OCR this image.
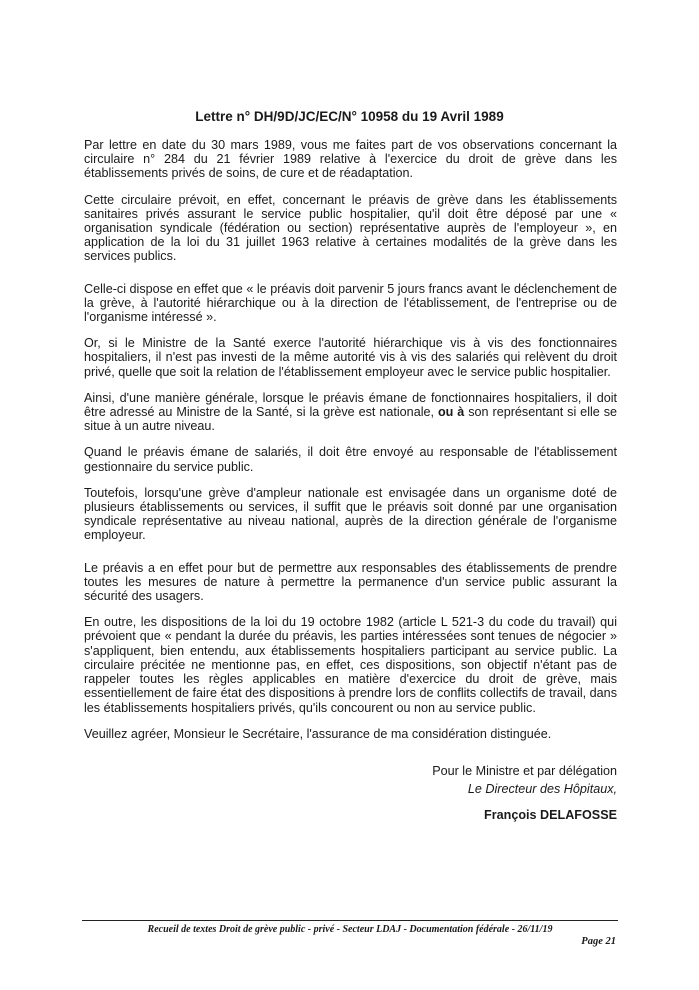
Lettre n° DH/9D/JC/EC/N° 10958 du 19 Avril 1989

Par lettre en date du 30 mars 1989, vous me faites part de vos observations concernant la circulaire n° 284 du 21 février 1989 relative à l'exercice du droit de grève dans les établissements privés de soins, de cure et de réadaptation.

Cette circulaire prévoit, en effet, concernant le préavis de grève dans les établissements sanitaires privés assurant le service public hospitalier, qu'il doit être déposé par une « organisation syndicale (fédération ou section) représentative auprès de l'employeur », en application de la loi du 31 juillet 1963 relative à certaines modalités de la grève dans les services publics.

Celle-ci dispose en effet que « le préavis doit parvenir 5 jours francs avant le déclenchement de la grève, à l'autorité hiérarchique ou à la direction de l'établissement, de l'entreprise ou de l'organisme intéressé ».

Or, si le Ministre de la Santé exerce l'autorité hiérarchique vis à vis des fonctionnaires hospitaliers, il n'est pas investi de la même autorité vis à vis des salariés qui relèvent du droit privé, quelle que soit la relation de l'établissement employeur avec le service public hospitalier.

Ainsi, d'une manière générale, lorsque le préavis émane de fonctionnaires hospitaliers, il doit être adressé au Ministre de la Santé, si la grève est nationale, ou à son représentant si elle se situe à un autre niveau.

Quand le préavis émane de salariés, il doit être envoyé au responsable de l'établissement gestionnaire du service public.

Toutefois, lorsqu'une grève d'ampleur nationale est envisagée dans un organisme doté de plusieurs établissements ou services, il suffit que le préavis soit donné par une organisation syndicale représentative au niveau national, auprès de la direction générale de l'organisme employeur.

Le préavis a en effet pour but de permettre aux responsables des établissements de prendre toutes les mesures de nature à permettre la permanence d'un service public assurant la sécurité des usagers.

En outre, les dispositions de la loi du 19 octobre 1982 (article L 521-3 du code du travail) qui prévoient que « pendant la durée du préavis, les parties intéressées sont tenues de négocier » s'appliquent, bien entendu, aux établissements hospitaliers participant au service public. La circulaire précitée ne mentionne pas, en effet, ces dispositions, son objectif n'étant pas de rappeler toutes les règles applicables en matière d'exercice du droit de grève, mais essentiellement de faire état des dispositions à prendre lors de conflits collectifs de travail, dans les établissements hospitaliers privés, qu'ils concourent ou non au service public.

Veuillez agréer, Monsieur le Secrétaire, l'assurance de ma considération distinguée.

Pour le Ministre et par délégation
Le Directeur des Hôpitaux,
François DELAFOSSE
Recueil de textes Droit de grève public - privé - Secteur LDAJ - Documentation fédérale - 26/11/19
Page 21
